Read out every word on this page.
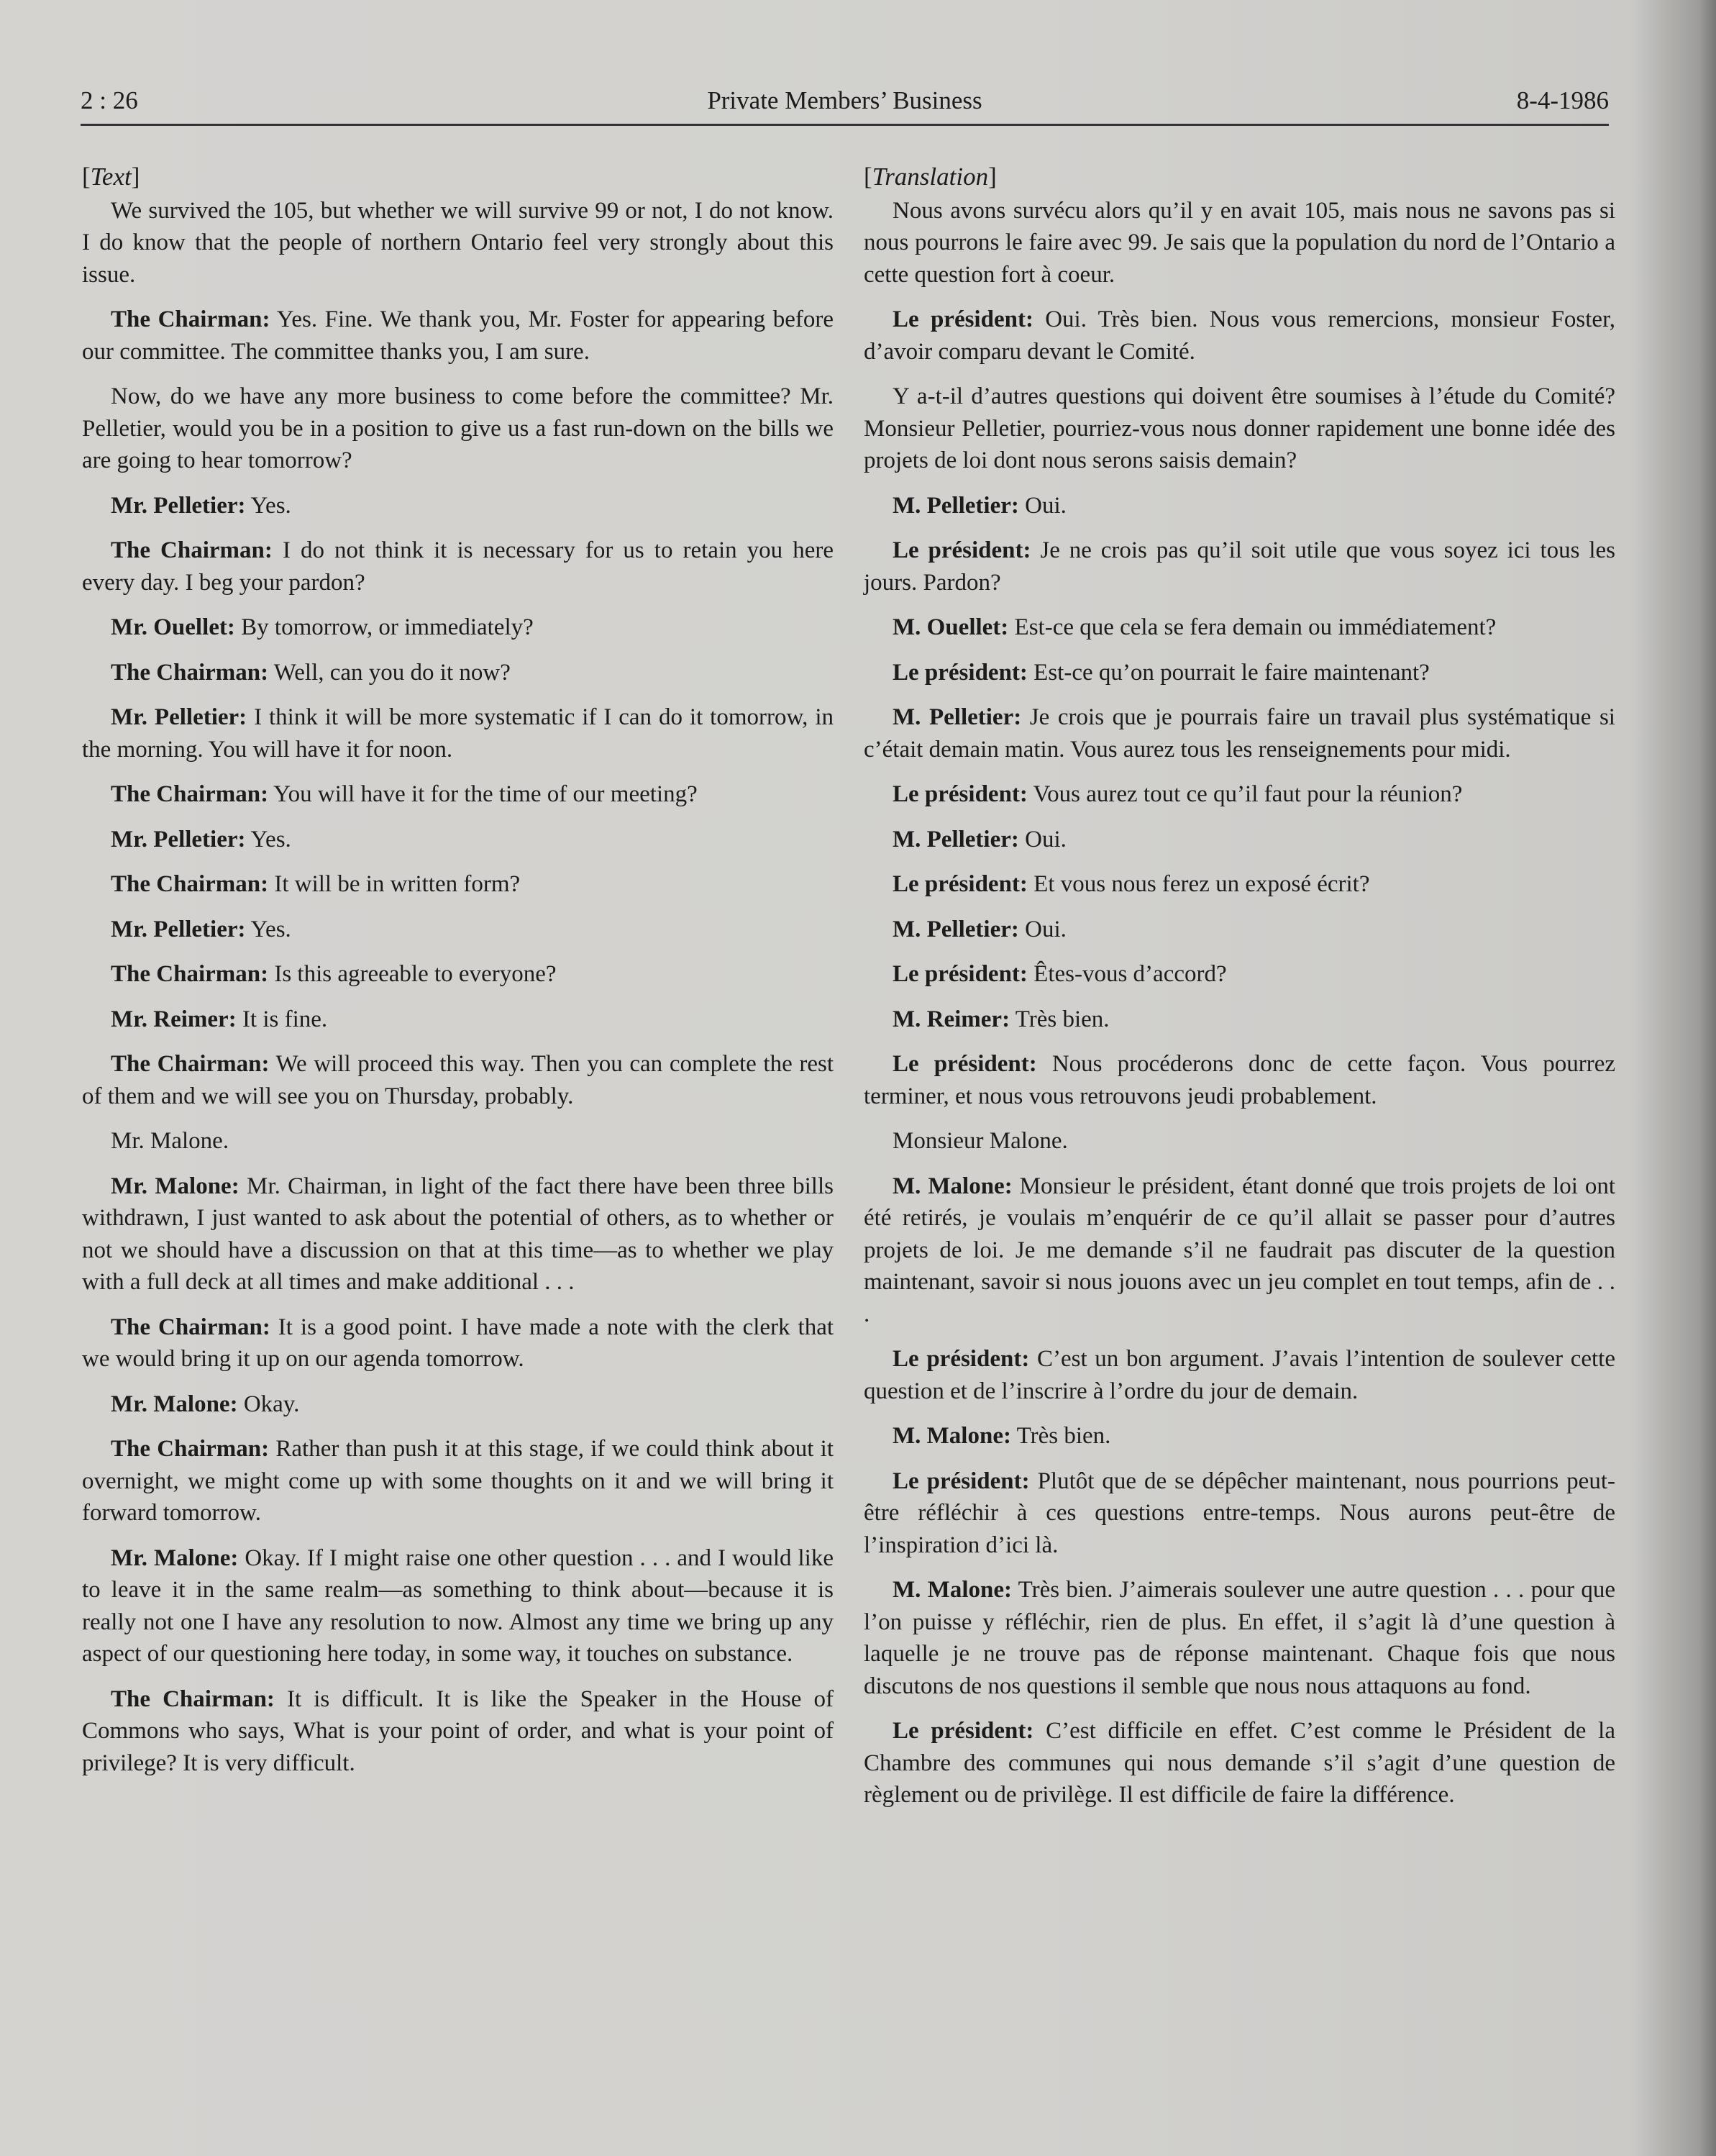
2 : 26	Private Members’ Business	8-4-1986
[Text]

We survived the 105, but whether we will survive 99 or not, I do not know. I do know that the people of northern Ontario feel very strongly about this issue.

The Chairman: Yes. Fine. We thank you, Mr. Foster for appearing before our committee. The committee thanks you, I am sure.

Now, do we have any more business to come before the committee? Mr. Pelletier, would you be in a position to give us a fast run-down on the bills we are going to hear tomorrow?

Mr. Pelletier: Yes.

The Chairman: I do not think it is necessary for us to retain you here every day. I beg your pardon?

Mr. Ouellet: By tomorrow, or immediately?

The Chairman: Well, can you do it now?

Mr. Pelletier: I think it will be more systematic if I can do it tomorrow, in the morning. You will have it for noon.

The Chairman: You will have it for the time of our meeting?

Mr. Pelletier: Yes.

The Chairman: It will be in written form?

Mr. Pelletier: Yes.

The Chairman: Is this agreeable to everyone?

Mr. Reimer: It is fine.

The Chairman: We will proceed this way. Then you can complete the rest of them and we will see you on Thursday, probably.

Mr. Malone.

Mr. Malone: Mr. Chairman, in light of the fact there have been three bills withdrawn, I just wanted to ask about the potential of others, as to whether or not we should have a discussion on that at this time—as to whether we play with a full deck at all times and make additional . . .

The Chairman: It is a good point. I have made a note with the clerk that we would bring it up on our agenda tomorrow.

Mr. Malone: Okay.

The Chairman: Rather than push it at this stage, if we could think about it overnight, we might come up with some thoughts on it and we will bring it forward tomorrow.

Mr. Malone: Okay. If I might raise one other question . . . and I would like to leave it in the same realm—as something to think about—because it is really not one I have any resolution to now. Almost any time we bring up any aspect of our questioning here today, in some way, it touches on substance.

The Chairman: It is difficult. It is like the Speaker in the House of Commons who says, What is your point of order, and what is your point of privilege? It is very difficult.

[Translation]

Nous avons survécu alors qu’il y en avait 105, mais nous ne savons pas si nous pourrons le faire avec 99. Je sais que la population du nord de l’Ontario a cette question fort à coeur.

Le président: Oui. Très bien. Nous vous remercions, monsieur Foster, d’avoir comparu devant le Comité.

Y a-t-il d’autres questions qui doivent être soumises à l’étude du Comité? Monsieur Pelletier, pourriez-vous nous donner rapidement une bonne idée des projets de loi dont nous serons saisis demain?

M. Pelletier: Oui.

Le président: Je ne crois pas qu’il soit utile que vous soyez ici tous les jours. Pardon?

M. Ouellet: Est-ce que cela se fera demain ou immédiatement?

Le président: Est-ce qu’on pourrait le faire maintenant?

M. Pelletier: Je crois que je pourrais faire un travail plus systématique si c’était demain matin. Vous aurez tous les renseignements pour midi.

Le président: Vous aurez tout ce qu’il faut pour la réunion?

M. Pelletier: Oui.

Le président: Et vous nous ferez un exposé écrit?

M. Pelletier: Oui.

Le président: Êtes-vous d’accord?

M. Reimer: Très bien.

Le président: Nous procéderons donc de cette façon. Vous pourrez terminer, et nous vous retrouvons jeudi probablement.

Monsieur Malone.

M. Malone: Monsieur le président, étant donné que trois projets de loi ont été retirés, je voulais m’enquérir de ce qu’il allait se passer pour d’autres projets de loi. Je me demande s’il ne faudrait pas discuter de la question maintenant, savoir si nous jouons avec un jeu complet en tout temps, afin de . . .

Le président: C’est un bon argument. J’avais l’intention de soulever cette question et de l’inscrire à l’ordre du jour de demain.

M. Malone: Très bien.

Le président: Plutôt que de se dépêcher maintenant, nous pourrions peut-être réfléchir à ces questions entre-temps. Nous aurons peut-être de l’inspiration d’ici là.

M. Malone: Très bien. J’aimerais soulever une autre question . . . pour que l’on puisse y réfléchir, rien de plus. En effet, il s’agit là d’une question à laquelle je ne trouve pas de réponse maintenant. Chaque fois que nous discutons de nos questions il semble que nous nous attaquons au fond.

Le président: C’est difficile en effet. C’est comme le Président de la Chambre des communes qui nous demande s’il s’agit d’une question de règlement ou de privilège. Il est difficile de faire la différence.
